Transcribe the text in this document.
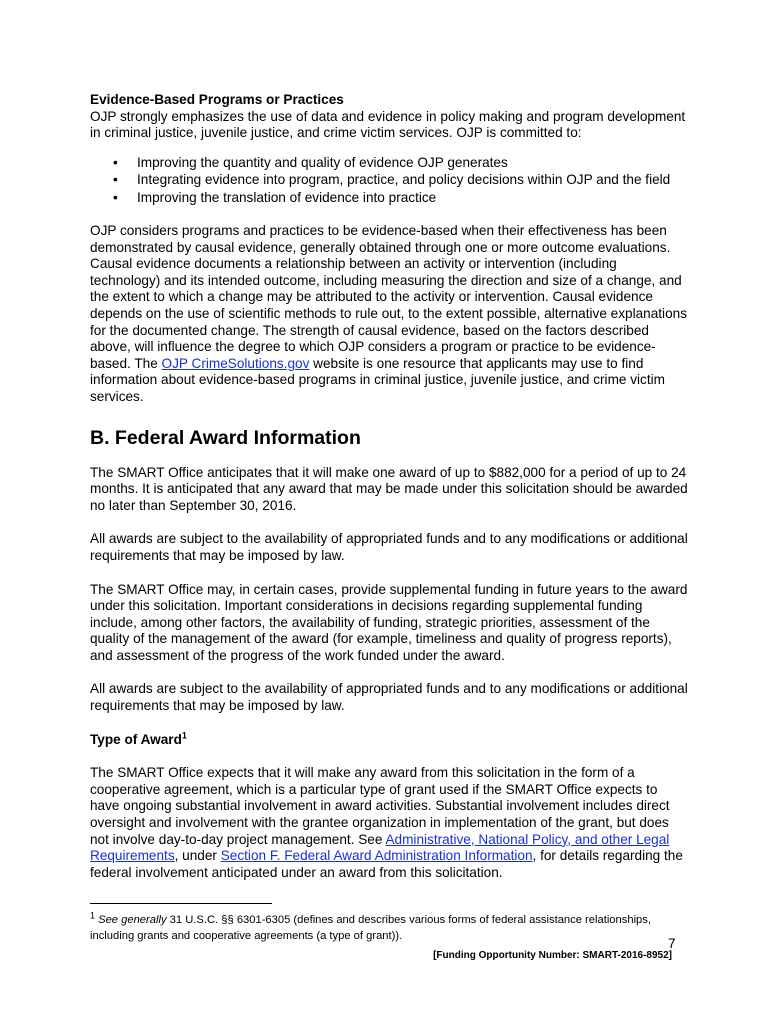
Evidence-Based Programs or Practices

OJP strongly emphasizes the use of data and evidence in policy making and program development in criminal justice, juvenile justice, and crime victim services. OJP is committed to:

• Improving the quantity and quality of evidence OJP generates
• Integrating evidence into program, practice, and policy decisions within OJP and the field
• Improving the translation of evidence into practice

OJP considers programs and practices to be evidence-based when their effectiveness has been demonstrated by causal evidence, generally obtained through one or more outcome evaluations. Causal evidence documents a relationship between an activity or intervention (including technology) and its intended outcome, including measuring the direction and size of a change, and the extent to which a change may be attributed to the activity or intervention. Causal evidence depends on the use of scientific methods to rule out, to the extent possible, alternative explanations for the documented change. The strength of causal evidence, based on the factors described above, will influence the degree to which OJP considers a program or practice to be evidence-based. The OJP CrimeSolutions.gov website is one resource that applicants may use to find information about evidence-based programs in criminal justice, juvenile justice, and crime victim services.

B. Federal Award Information

The SMART Office anticipates that it will make one award of up to $882,000 for a period of up to 24 months. It is anticipated that any award that may be made under this solicitation should be awarded no later than September 30, 2016.

All awards are subject to the availability of appropriated funds and to any modifications or additional requirements that may be imposed by law.

The SMART Office may, in certain cases, provide supplemental funding in future years to the award under this solicitation. Important considerations in decisions regarding supplemental funding include, among other factors, the availability of funding, strategic priorities, assessment of the quality of the management of the award (for example, timeliness and quality of progress reports), and assessment of the progress of the work funded under the award.

All awards are subject to the availability of appropriated funds and to any modifications or additional requirements that may be imposed by law.

Type of Award$^1$

The SMART Office expects that it will make any award from this solicitation in the form of a cooperative agreement, which is a particular type of grant used if the SMART Office expects to have ongoing substantial involvement in award activities. Substantial involvement includes direct oversight and involvement with the grantee organization in implementation of the grant, but does not involve day-to-day project management. See Administrative, National Policy, and other Legal Requirements, under Section F. Federal Award Administration Information, for details regarding the federal involvement anticipated under an award from this solicitation.

$^1$ See generally 31 U.S.C. §§ 6301-6305 (defines and describes various forms of federal assistance relationships, including grants and cooperative agreements (a type of grant)).	7
[Funding Opportunity Number: SMART-2016-8952]
